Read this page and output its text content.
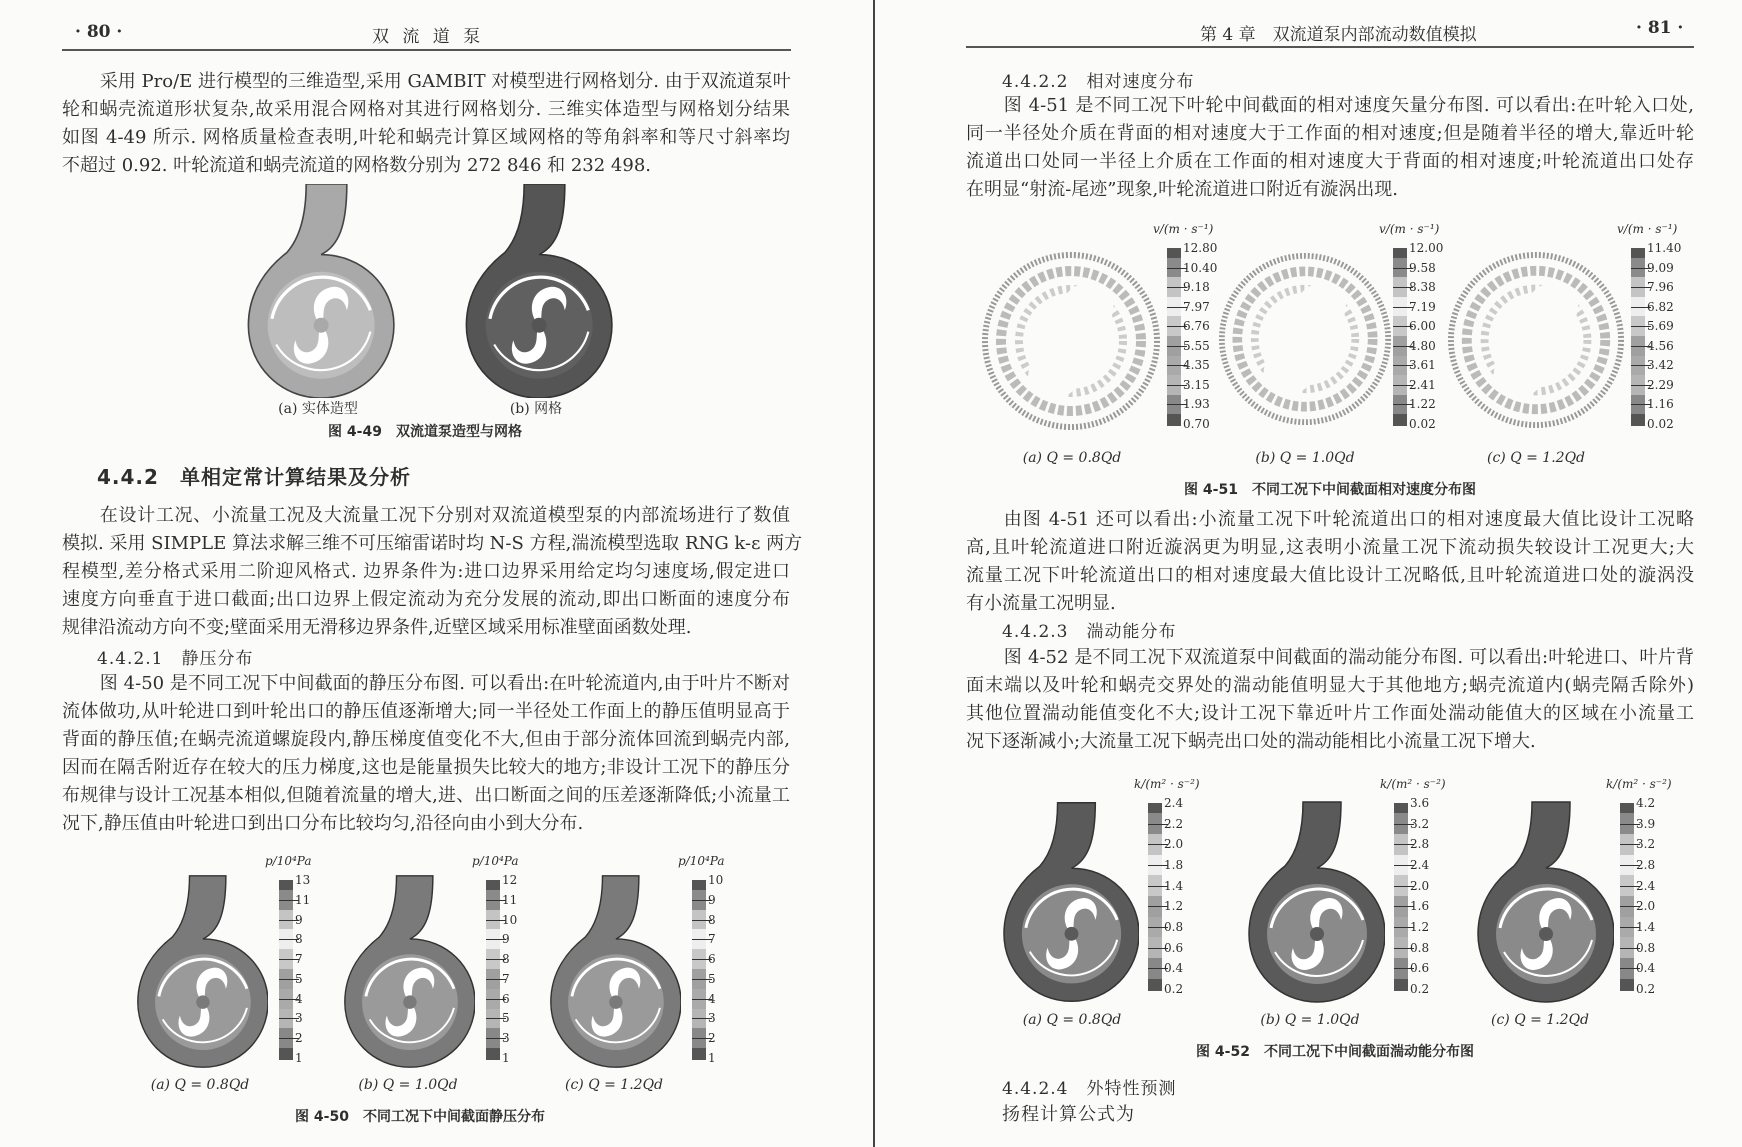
· 80 ·	双 流 道 泵
采用 Pro/E 进行模型的三维造型,采用 GAMBIT 对模型进行网格划分. 由于双流道泵叶
轮和蜗壳流道形状复杂,故采用混合网格对其进行网格划分. 三维实体造型与网格划分结果
如图 4-49 所示. 网格质量检查表明,叶轮和蜗壳计算区域网格的等角斜率和等尺寸斜率均
不超过 0.92. 叶轮流道和蜗壳流道的网格数分别为 272 846 和 232 498.
(a) 实体造型	(b) 网格
图 4-49　双流道泵造型与网格
4.4.2　单相定常计算结果及分析
在设计工况、小流量工况及大流量工况下分别对双流道模型泵的内部流场进行了数值
模拟. 采用 SIMPLE 算法求解三维不可压缩雷诺时均 N-S 方程,湍流模型选取 RNG k-ε 两方
程模型,差分格式采用二阶迎风格式. 边界条件为:进口边界采用给定均匀速度场,假定进口
速度方向垂直于进口截面;出口边界上假定流动为充分发展的流动,即出口断面的速度分布
规律沿流动方向不变;壁面采用无滑移边界条件,近壁区域采用标准壁面函数处理.
4.4.2.1　静压分布
图 4-50 是不同工况下中间截面的静压分布图. 可以看出:在叶轮流道内,由于叶片不断对
流体做功,从叶轮进口到叶轮出口的静压值逐渐增大;同一半径处工作面上的静压值明显高于
背面的静压值;在蜗壳流道螺旋段内,静压梯度值变化不大,但由于部分流体回流到蜗壳内部,
因而在隔舌附近存在较大的压力梯度,这也是能量损失比较大的地方;非设计工况下的静压分
布规律与设计工况基本相似,但随着流量的增大,进、出口断面之间的压差逐渐降低;小流量工
况下,静压值由叶轮进口到出口分布比较均匀,沿径向由小到大分布.
p/10⁴Pa
13
11
9
8
7
5
4
3
2
1
(a) Q = 0.8Qd
p/10⁴Pa
12
11
10
9
8
7
6
5
3
1
(b) Q = 1.0Qd
p/10⁴Pa
10
9
8
7
6
5
4
3
2
1
(c) Q = 1.2Qd
图 4-50　不同工况下中间截面静压分布
第 4 章　双流道泵内部流动数值模拟	· 81 ·
4.4.2.2　相对速度分布
图 4-51 是不同工况下叶轮中间截面的相对速度矢量分布图. 可以看出:在叶轮入口处,
同一半径处介质在背面的相对速度大于工作面的相对速度;但是随着半径的增大,靠近叶轮
流道出口处同一半径上介质在工作面的相对速度大于背面的相对速度;叶轮流道出口处存
在明显“射流-尾迹”现象,叶轮流道进口附近有漩涡出现.
v/(m · s⁻¹)
12.80
10.40
9.18
7.97
6.76
5.55
4.35
3.15
1.93
0.70
(a) Q = 0.8Qd
v/(m · s⁻¹)
12.00
9.58
8.38
7.19
6.00
4.80
3.61
2.41
1.22
0.02
(b) Q = 1.0Qd
v/(m · s⁻¹)
11.40
9.09
7.96
6.82
5.69
4.56
3.42
2.29
1.16
0.02
(c) Q = 1.2Qd
图 4-51　不同工况下中间截面相对速度分布图
由图 4-51 还可以看出:小流量工况下叶轮流道出口的相对速度最大值比设计工况略
高,且叶轮流道进口附近漩涡更为明显,这表明小流量工况下流动损失较设计工况更大;大
流量工况下叶轮流道出口的相对速度最大值比设计工况略低,且叶轮流道进口处的漩涡没
有小流量工况明显.
4.4.2.3　湍动能分布
图 4-52 是不同工况下双流道泵中间截面的湍动能分布图. 可以看出:叶轮进口、叶片背
面末端以及叶轮和蜗壳交界处的湍动能值明显大于其他地方;蜗壳流道内(蜗壳隔舌除外)
其他位置湍动能值变化不大;设计工况下靠近叶片工作面处湍动能值大的区域在小流量工
况下逐渐减小;大流量工况下蜗壳出口处的湍动能相比小流量工况下增大.
k/(m² · s⁻²)
2.4
2.2
2.0
1.8
1.4
1.2
0.8
0.6
0.4
0.2
(a) Q = 0.8Qd
k/(m² · s⁻²)
3.6
3.2
2.8
2.4
2.0
1.6
1.2
0.8
0.6
0.2
(b) Q = 1.0Qd
k/(m² · s⁻²)
4.2
3.9
3.2
2.8
2.4
2.0
1.4
0.8
0.4
0.2
(c) Q = 1.2Qd
图 4-52　不同工况下中间截面湍动能分布图
4.4.2.4　外特性预测
扬程计算公式为
